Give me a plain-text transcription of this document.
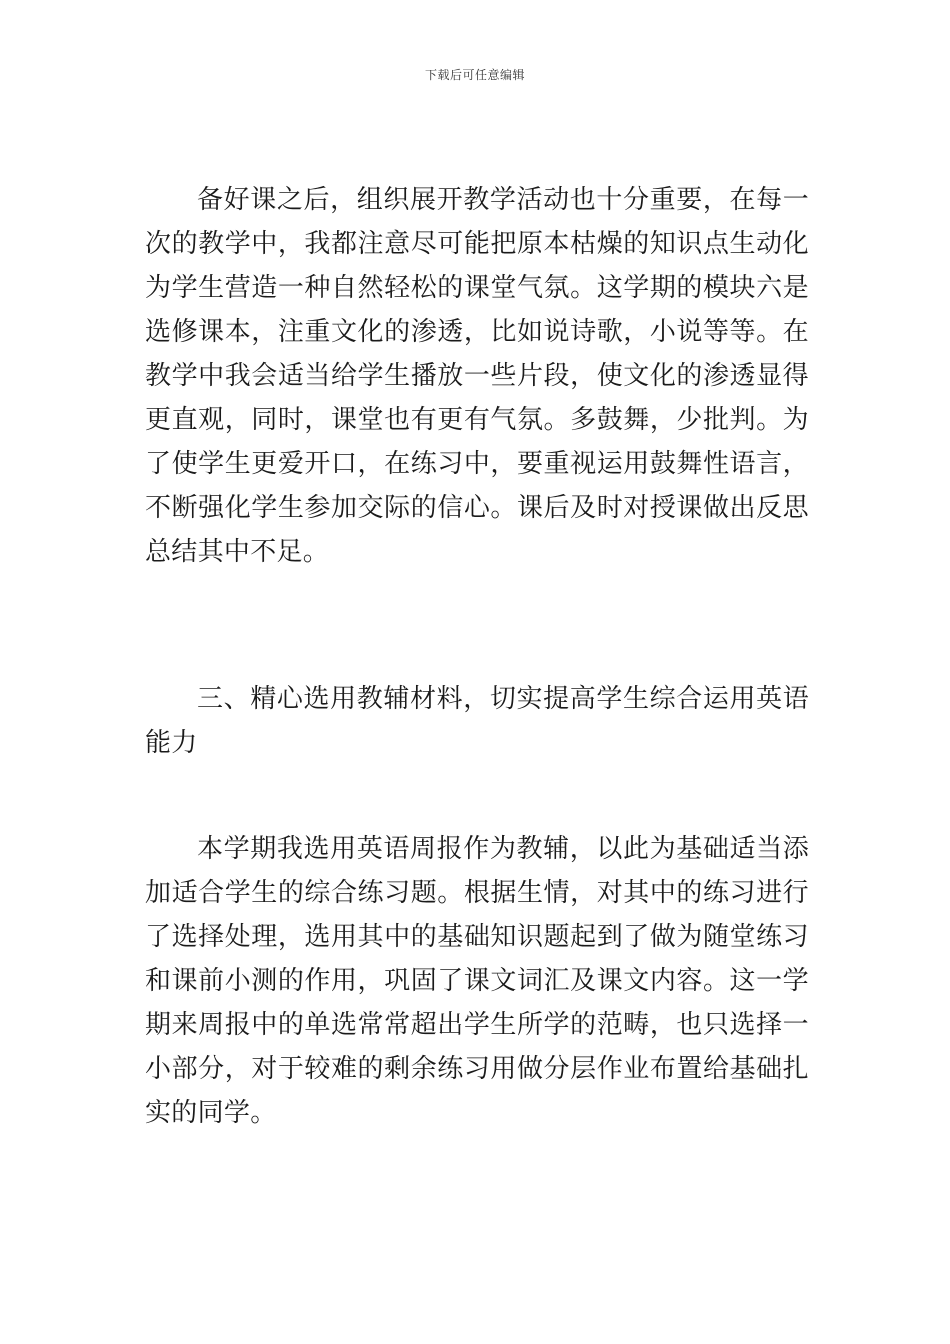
下载后可任意编辑

备好课之后，组织展开教学活动也十分重要，在每一次的教学中，我都注意尽可能把原本枯燥的知识点生动化为学生营造一种自然轻松的课堂气氛。这学期的模块六是选修课本，注重文化的渗透，比如说诗歌，小说等等。在教学中我会适当给学生播放一些片段，使文化的渗透显得更直观，同时，课堂也有更有气氛。多鼓舞，少批判。为了使学生更爱开口，在练习中，要重视运用鼓舞性语言，不断强化学生参加交际的信心。课后及时对授课做出反思总结其中不足。

三、精心选用教辅材料，切实提高学生综合运用英语能力

本学期我选用英语周报作为教辅，以此为基础适当添加适合学生的综合练习题。根据生情，对其中的练习进行了选择处理，选用其中的基础知识题起到了做为随堂练习和课前小测的作用，巩固了课文词汇及课文内容。这一学期来周报中的单选常常超出学生所学的范畴，也只选择一小部分，对于较难的剩余练习用做分层作业布置给基础扎实的同学。
